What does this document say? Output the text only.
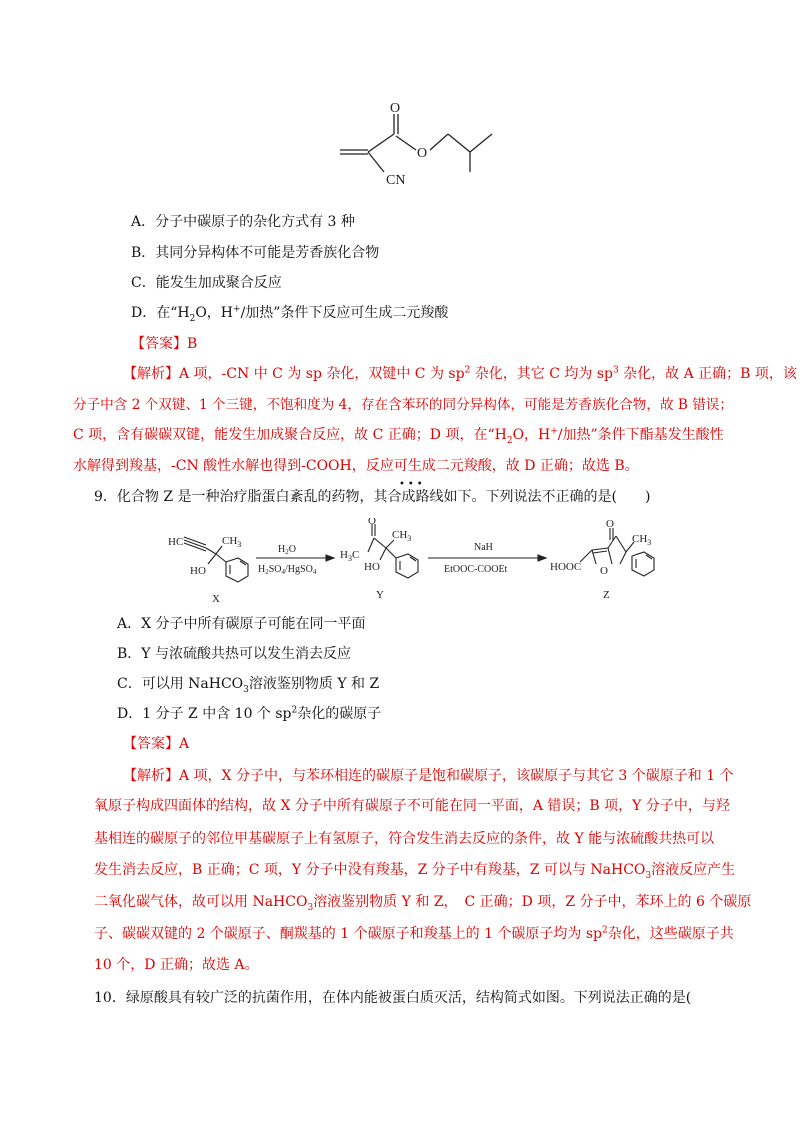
O
O
CN
A．分子中碳原子的杂化方式有 3 种
B．其同分异构体不可能是芳香族化合物
C．能发生加成聚合反应
D．在“$H_2O$，H+/加热”条件下反应可生成二元羧酸
【答案】B
【解析】A 项，-CN 中 C 为 sp 杂化，双键中 C 为 $sp^2$ 杂化，其它 C 均为 $sp^3$ 杂化，故 A 正确；B 项，该
分子中含 2 个双键、1 个三键，不饱和度为 4，存在含苯环的同分异构体，可能是芳香族化合物，故 B 错误；
C 项，含有碳碳双键，能发生加成聚合反应，故 C 正确；D 项，在“$H_2O$，H+/加热”条件下酯基发生酸性
水解得到羧基，-CN 酸性水解也得到-COOH，反应可生成二元羧酸，故 D 正确；故选 B。
•••
9．化合物 Z 是一种治疗脂蛋白紊乱的药物，其合成路线如下。下列说法不正确的是(　　)
HC	$CH_3$
HO
X
$H_2O$
$H_2SO_4/HgSO_4$
O
$H_3C$
$CH_3$
HO
Y
NaH
EtOOC-COOEt
O
$CH_3$
HOOC O
Z
A．X 分子中所有碳原子可能在同一平面
B．Y 与浓硫酸共热可以发生消去反应
C．可以用 NaHCO$_3$溶液鉴别物质 Y 和 Z
D．1 分子 Z 中含 10 个 $sp^2$杂化的碳原子
【答案】A
【解析】A 项，X 分子中，与苯环相连的碳原子是饱和碳原子，该碳原子与其它 3 个碳原子和 1 个
氧原子构成四面体的结构，故 X 分子中所有碳原子不可能在同一平面，A 错误；B 项，Y 分子中，与羟
基相连的碳原子的邻位甲基碳原子上有氢原子，符合发生消去反应的条件，故 Y 能与浓硫酸共热可以
发生消去反应，B 正确；C 项，Y 分子中没有羧基，Z 分子中有羧基，Z 可以与 NaHCO$_3$溶液反应产生
二氧化碳气体，故可以用 NaHCO$_3$溶液鉴别物质 Y 和 Z，　C 正确；D 项，Z 分子中，苯环上的 6 个碳原
子、碳碳双键的 2 个碳原子、酮羰基的 1 个碳原子和羧基上的 1 个碳原子均为 $sp^2$杂化，这些碳原子共
10 个，D 正确；故选 A。
10．绿原酸具有较广泛的抗菌作用，在体内能被蛋白质灭活，结构简式如图。下列说法正确的是(
